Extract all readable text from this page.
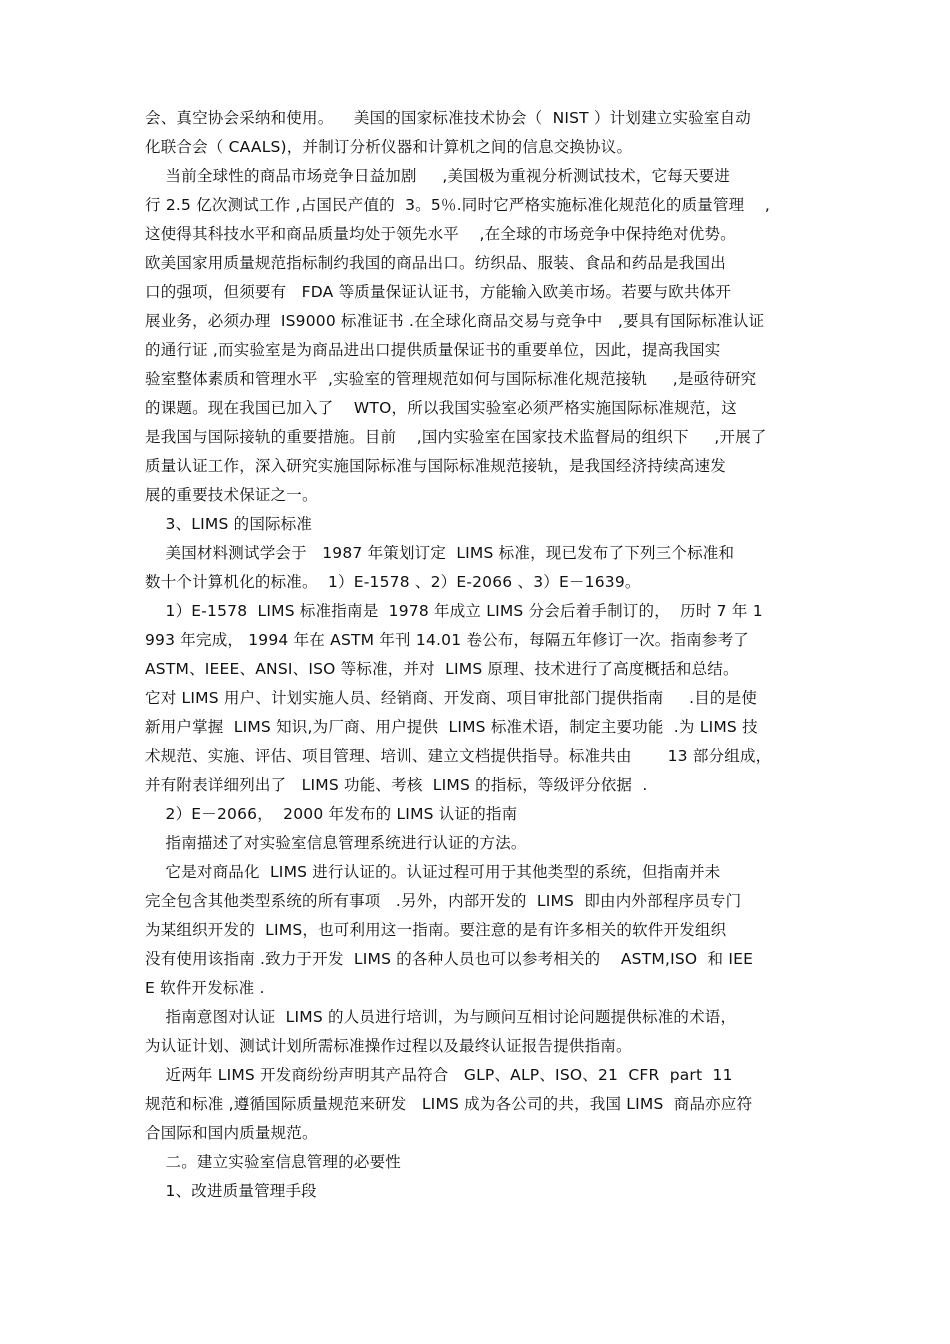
会、真空协会采纳和使用。    美国的国家标准技术协会（  NIST ）计划建立实验室自动
化联合会（ CAALS)，并制订分析仪器和计算机之间的信息交换协议。
当前全球性的商品市场竞争日益加剧     ,美国极为重视分析测试技术，它每天要进
行 2.5 亿次测试工作 ,占国民产值的  3。5％.同时它严格实施标准化规范化的质量管理    ,
这使得其科技水平和商品质量均处于领先水平    ,在全球的市场竞争中保持绝对优势。
欧美国家用质量规范指标制约我国的商品出口。纺织品、服装、食品和药品是我国出
口的强项，但须要有   FDA 等质量保证认证书，方能输入欧美市场。若要与欧共体开
展业务，必须办理  IS9000 标准证书 .在全球化商品交易与竞争中   ,要具有国际标准认证
的通行证 ,而实验室是为商品进出口提供质量保证书的重要单位，因此，提高我国实
验室整体素质和管理水平  ,实验室的管理规范如何与国际标准化规范接轨     ,是亟待研究
的课题。现在我国已加入了    WTO，所以我国实验室必须严格实施国际标准规范，这
是我国与国际接轨的重要措施。目前    ,国内实验室在国家技术监督局的组织下     ,开展了
质量认证工作，深入研究实施国际标准与国际标准规范接轨，是我国经济持续高速发
展的重要技术保证之一。
3、LIMS 的国际标准
美国材料测试学会于   1987 年策划订定  LIMS 标准，现已发布了下列三个标准和
数十个计算机化的标准。  1）E-1578 、2）E-2066 、3）E－1639。
1）E-1578  LIMS 标准指南是  1978 年成立 LIMS 分会后着手制订的，  历时 7 年 1
993 年完成， 1994 年在 ASTM 年刊 14.01 卷公布，每隔五年修订一次。指南参考了
ASTM、IEEE、ANSI、ISO 等标准，并对  LIMS 原理、技术进行了高度概括和总结。
它对 LIMS 用户、计划实施人员、经销商、开发商、项目审批部门提供指南     .目的是使
新用户掌握  LIMS 知识,为厂商、用户提供  LIMS 标准术语，制定主要功能  .为 LIMS 技
术规范、实施、评估、项目管理、培训、建立文档提供指导。标准共由       13 部分组成，
并有附表详细列出了   LIMS 功能、考核  LIMS 的指标，等级评分依据  .
2）E－2066，  2000 年发布的 LIMS 认证的指南
指南描述了对实验室信息管理系统进行认证的方法。
它是对商品化  LIMS 进行认证的。认证过程可用于其他类型的系统，但指南并未
完全包含其他类型系统的所有事项   .另外，内部开发的  LIMS  即由内外部程序员专门
为某组织开发的  LIMS，也可利用这一指南。要注意的是有许多相关的软件开发组织
没有使用该指南 .致力于开发  LIMS 的各种人员也可以参考相关的    ASTM,ISO  和 IEE
E 软件开发标准 .
指南意图对认证  LIMS 的人员进行培训，为与顾问互相讨论问题提供标准的术语，
为认证计划、测试计划所需标准操作过程以及最终认证报告提供指南。
近两年 LIMS 开发商纷纷声明其产品符合   GLP、ALP、ISO、21  CFR  part  11
规范和标准 ,遵循国际质量规范来研发   LIMS 成为各公司的共，我国 LIMS  商品亦应符
合国际和国内质量规范。
二。建立实验室信息管理的必要性
1、改进质量管理手段
